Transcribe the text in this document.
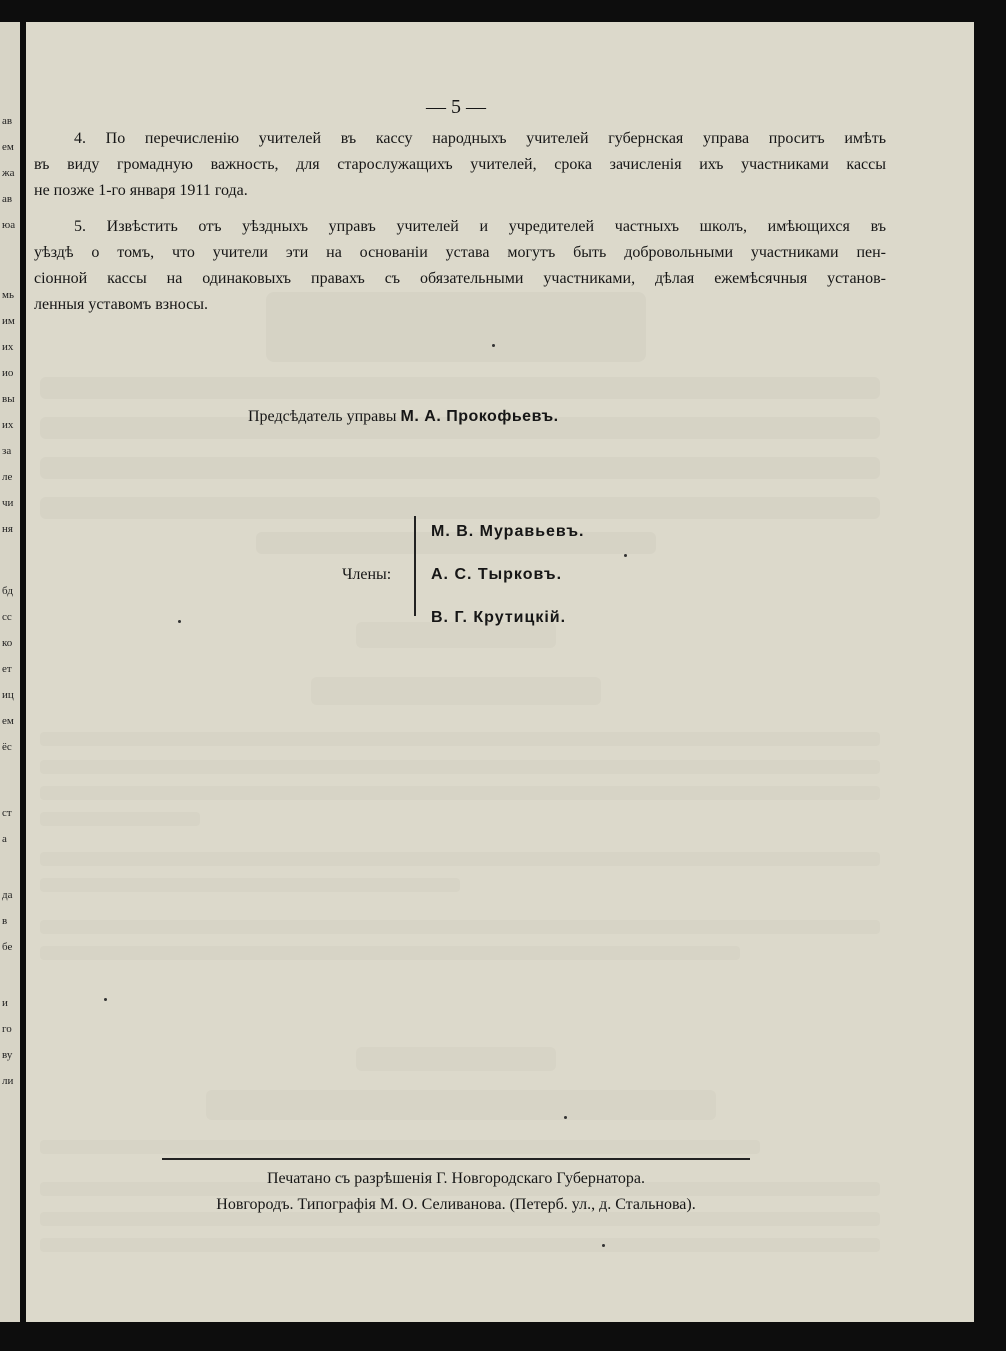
ав
ем
жа
ав
юа
мь
им
их
ио
вы
их
за
ле
чи
ня
бд
сс
ко
ет
иц
ем
ёс
ст
а
да
в
бе
и
го
ву
ли
— 5 —
4. По перечисленію учителей въ кассу народныхъ учителей губернская управа проситъ имѣть
въ виду громадную важность, для старослужащихъ учителей, срока зачисленія ихъ участниками кассы
не позже 1-го января 1911 года.
5. Извѣстить отъ уѣздныхъ управъ учителей и учредителей частныхъ школъ, имѣющихся въ
уѣздѣ о томъ, что учители эти на основаніи устава могутъ быть добровольными участниками пен-
сіонной кассы на одинаковыхъ правахъ съ обязательными участниками, дѣлая ежемѣсячныя установ-
ленныя уставомъ взносы.
Предсѣдатель управы М. А. Прокофьевъ.
Члены:
М. В. Муравьевъ.
А. С. Тырковъ.
В. Г. Крутицкій.
Печатано съ разрѣшенія Г. Новгородскаго Губернатора.
Новгородъ. Типографія М. О. Селиванова. (Петерб. ул., д. Стальнова).
